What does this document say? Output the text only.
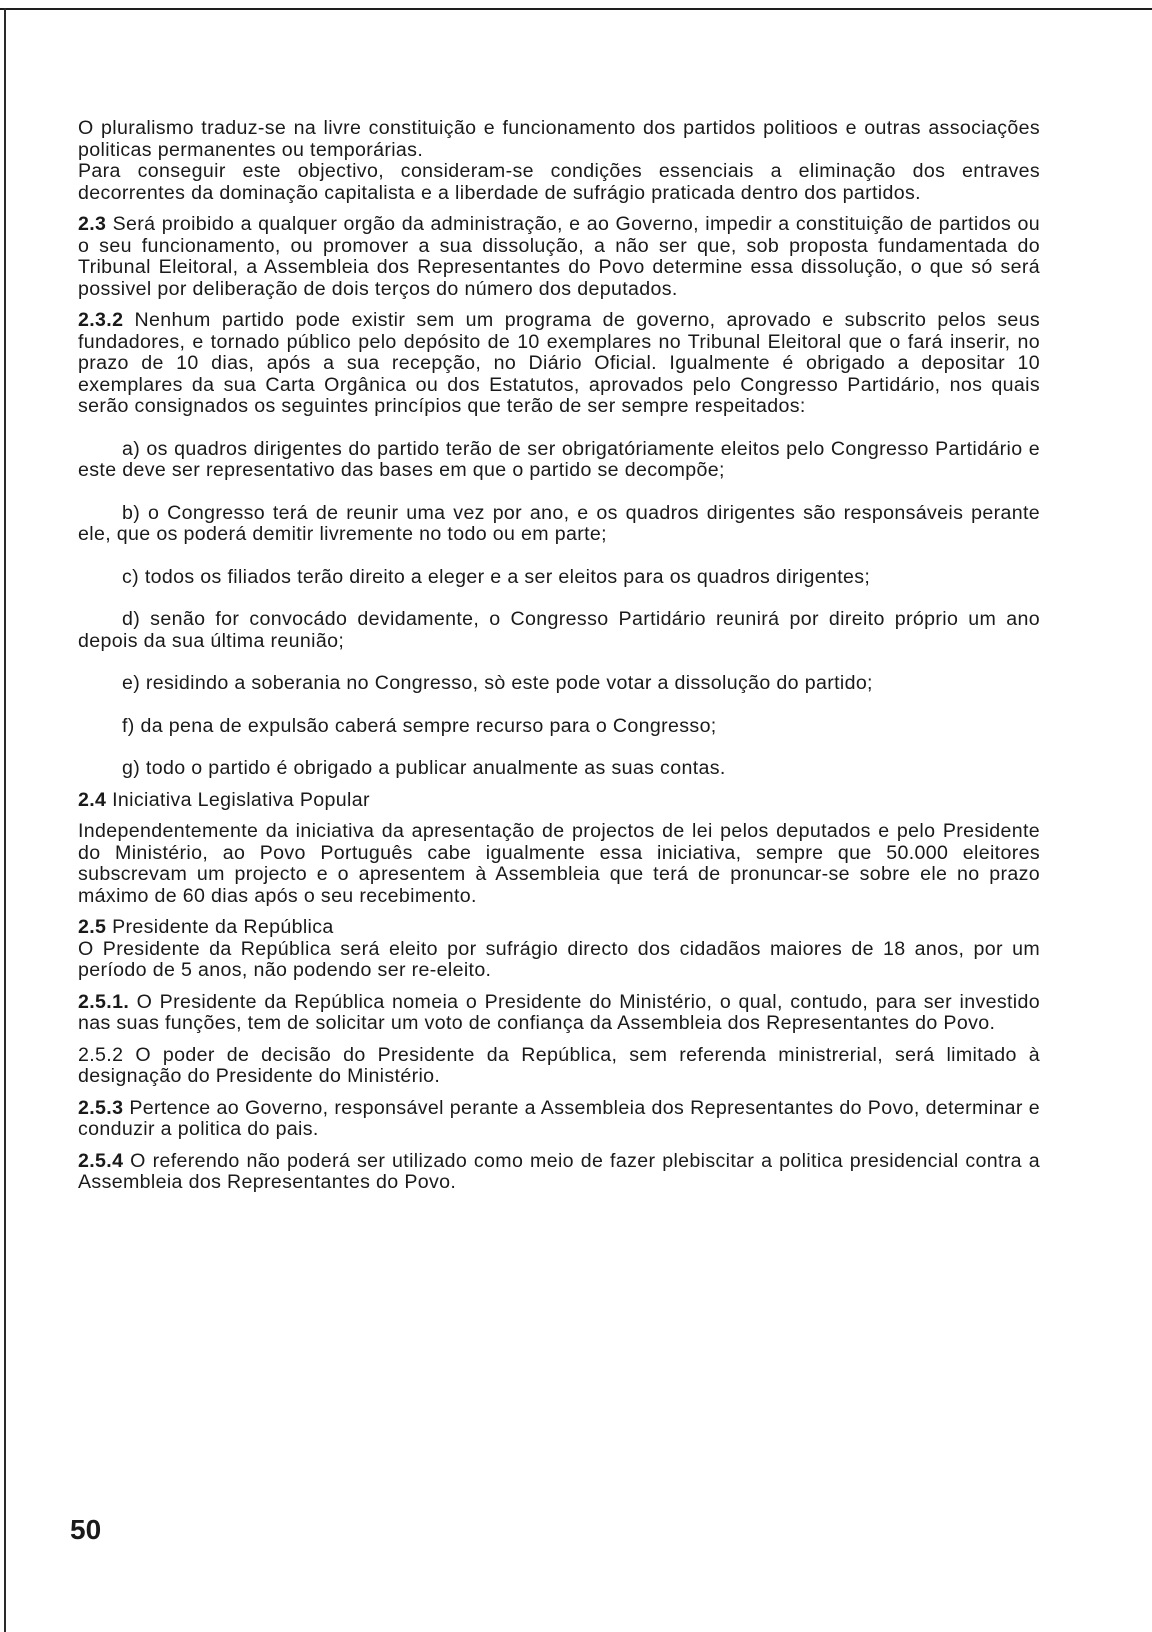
O pluralismo traduz-se na livre constituição e funcionamento dos partidos politioos e outras associações politicas permanentes ou temporárias.

Para conseguir este objectivo, consideram-se condições essenciais a eliminação dos entraves decorrentes da dominação capitalista e a liberdade de sufrágio praticada dentro dos partidos.

2.3 Será proibido a qualquer orgão da administração, e ao Governo, impedir a constituição de partidos ou o seu funcionamento, ou promover a sua dissolução, a não ser que, sob proposta fundamentada do Tribunal Eleitoral, a Assembleia dos Representantes do Povo determine essa dissolução, o que só será possivel por deliberação de dois terços do número dos deputados.

2.3.2 Nenhum partido pode existir sem um programa de governo, aprovado e subscrito pelos seus fundadores, e tornado público pelo depósito de 10 exemplares no Tribunal Eleitoral que o fará inserir, no prazo de 10 dias, após a sua recepção, no Diário Oficial. Igualmente é obrigado a depositar 10 exemplares da sua Carta Orgânica ou dos Estatutos, aprovados pelo Congresso Partidário, nos quais serão consignados os seguintes princípios que terão de ser sempre respeitados:

a) os quadros dirigentes do partido terão de ser obrigatóriamente eleitos pelo Congresso Partidário e este deve ser representativo das bases em que o partido se decompõe;

b) o Congresso terá de reunir uma vez por ano, e os quadros dirigentes são responsáveis perante ele, que os poderá demitir livremente no todo ou em parte;

c) todos os filiados terão direito a eleger e a ser eleitos para os quadros dirigentes;

d) senão for convocádo devidamente, o Congresso Partidário reunirá por direito próprio um ano depois da sua última reunião;

e) residindo a soberania no Congresso, sò este pode votar a dissolução do partido;

f) da pena de expulsão caberá sempre recurso para o Congresso;

g) todo o partido é obrigado a publicar anualmente as suas contas.

2.4 Iniciativa Legislativa Popular

Independentemente da iniciativa da apresentação de projectos de lei pelos deputados e pelo Presidente do Ministério, ao Povo Português cabe igualmente essa iniciativa, sempre que 50.000 eleitores subscrevam um projecto e o apresentem à Assembleia que terá de pronuncar-se sobre ele no prazo máximo de 60 dias após o seu recebimento.

2.5 Presidente da República

O Presidente da República será eleito por sufrágio directo dos cidadãos maiores de 18 anos, por um período de 5 anos, não podendo ser re-eleito.

2.5.1. O Presidente da República nomeia o Presidente do Ministério, o qual, contudo, para ser investido nas suas funções, tem de solicitar um voto de confiança da Assembleia dos Representantes do Povo.

2.5.2 O poder de decisão do Presidente da República, sem referenda ministrerial, será limitado à designação do Presidente do Ministério.

2.5.3 Pertence ao Governo, responsável perante a Assembleia dos Representantes do Povo, determinar e conduzir a politica do pais.

2.5.4 O referendo não poderá ser utilizado como meio de fazer plebiscitar a politica presidencial contra a Assembleia dos Representantes do Povo.

50
